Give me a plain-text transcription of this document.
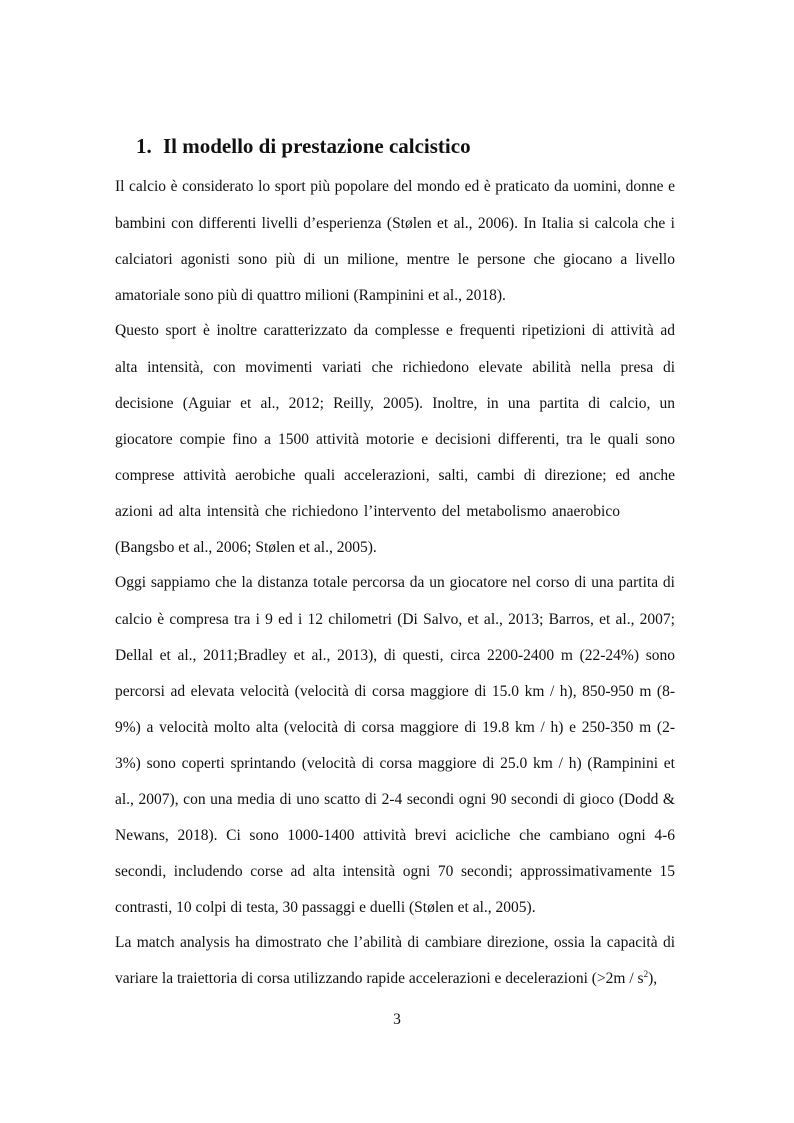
1. Il modello di prestazione calcistico
Il calcio è considerato lo sport più popolare del mondo ed è praticato da uomini, donne e
bambini con differenti livelli d’esperienza (Stølen et al., 2006). In Italia si calcola che i
calciatori agonisti sono più di un milione, mentre le persone che giocano a livello
amatoriale sono più di quattro milioni (Rampinini et al., 2018).
Questo sport è inoltre caratterizzato da complesse e frequenti ripetizioni di attività ad
alta intensità, con movimenti variati che richiedono elevate abilità nella presa di
decisione (Aguiar et al., 2012; Reilly, 2005). Inoltre, in una partita di calcio, un
giocatore compie fino a 1500 attività motorie e decisioni differenti, tra le quali sono
comprese attività aerobiche quali accelerazioni, salti, cambi di direzione; ed anche
azioni ad alta intensità che richiedono l’intervento del metabolismo anaerobico
(Bangsbo et al., 2006; Stølen et al., 2005).
Oggi sappiamo che la distanza totale percorsa da un giocatore nel corso di una partita di
calcio è compresa tra i 9 ed i 12 chilometri (Di Salvo, et al., 2013; Barros, et al., 2007;
Dellal et al., 2011;Bradley et al., 2013), di questi, circa 2200-2400 m (22-24%) sono
percorsi ad elevata velocità (velocità di corsa maggiore di 15.0 km / h), 850-950 m (8-
9%) a velocità molto alta (velocità di corsa maggiore di 19.8 km / h) e 250-350 m (2-
3%) sono coperti sprintando (velocità di corsa maggiore di 25.0 km / h) (Rampinini et
al., 2007), con una media di uno scatto di 2-4 secondi ogni 90 secondi di gioco (Dodd &
Newans, 2018). Ci sono 1000-1400 attività brevi acicliche che cambiano ogni 4-6
secondi, includendo corse ad alta intensità ogni 70 secondi; approssimativamente 15
contrasti, 10 colpi di testa, 30 passaggi e duelli (Stølen et al., 2005).
La match analysis ha dimostrato che l’abilità di cambiare direzione, ossia la capacità di
variare la traiettoria di corsa utilizzando rapide accelerazioni e decelerazioni $(>2m / s^2)$,
3
